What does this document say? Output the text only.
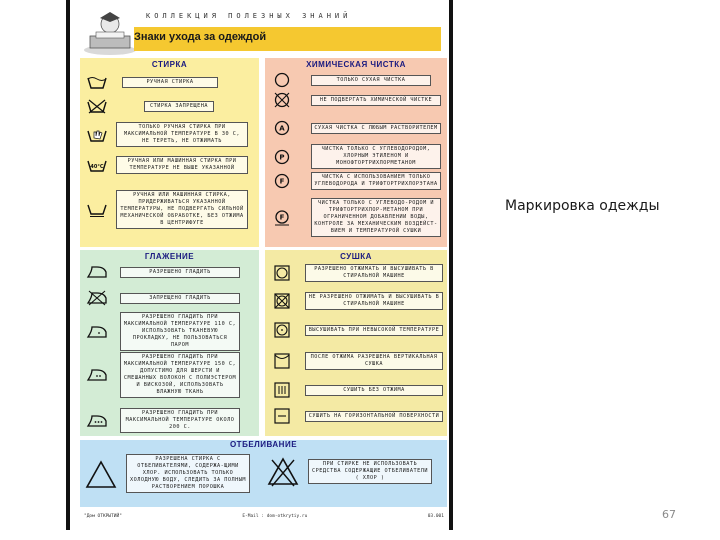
КОЛЛЕКЦИЯ ПОЛЕЗНЫХ ЗНАНИЙ
Знаки ухода за одеждой
СТИРКА
РУЧНАЯ СТИРКА
СТИРКА ЗАПРЕЩЕНА
ТОЛЬКО РУЧНАЯ СТИРКА ПРИ МАКСИМАЛЬНОЙ ТЕМПЕРАТУРЕ В 30 С, НЕ ТЕРЕТЬ, НЕ ОТЖИМАТЬ
40°C
РУЧНАЯ ИЛИ МАШИННАЯ СТИРКА ПРИ ТЕМПЕРАТУРЕ НЕ ВЫШЕ УКАЗАННОЙ
РУЧНАЯ ИЛИ МАШИННАЯ СТИРКА, ПРИДЕРЖИВАТЬСЯ УКАЗАННОЙ ТЕМПЕРАТУРЫ, НЕ ПОДВЕРГАТЬ СИЛЬНОЙ МЕХАНИЧЕСКОЙ ОБРАБОТКЕ, БЕЗ ОТЖИМА В ЦЕНТРИФУГЕ
ХИМИЧЕСКАЯ ЧИСТКА
ТОЛЬКО СУХАЯ ЧИСТКА
НЕ ПОДВЕРГАТЬ ХИМИЧЕСКОЙ ЧИСТКЕ
A	СУХАЯ ЧИСТКА С ЛЮБЫМ РАСТВОРИТЕЛЕМ
P
ЧИСТКА ТОЛЬКО С УГЛЕВОДОРОДОМ, ХЛОРНЫМ ЭТИЛЕНОМ И МОНОФТОРТРИХЛОРМЕТАНОМ
F
ЧИСТКА С ИСПОЛЬЗОВАНИЕМ ТОЛЬКО УГЛЕВОДОРОДА И ТРИФТОРТРИХЛОРЭТАНА
F
ЧИСТКА ТОЛЬКО С УГЛЕВОДО-РОДОМ И ТРИФТОРТРИХЛОР-МЕТАНОМ ПРИ ОГРАНИЧЕННОМ ДОБАВЛЕНИИ ВОДЫ, КОНТРОЛЕ ЗА МЕХАНИЧЕСКИМ ВОЗДЕЙСТ-ВИЕМ И ТЕМПЕРАТУРОЙ СУШКИ
ГЛАЖЕНИЕ
РАЗРЕШЕНО ГЛАДИТЬ
ЗАПРЕЩЕНО ГЛАДИТЬ
РАЗРЕШЕНО ГЛАДИТЬ ПРИ МАКСИМАЛЬНОЙ ТЕМПЕРАТУРЕ 110 С, ИСПОЛЬЗОВАТЬ ТКАНЕВУЮ ПРОКЛАДКУ, НЕ ПОЛЬЗОВАТЬСЯ ПАРОМ
РАЗРЕШЕНО ГЛАДИТЬ ПРИ МАКСИМАЛЬНОЙ ТЕМПЕРАТУРЕ 150 С, ДОПУСТИМО ДЛЯ ШЕРСТИ И СМЕШАННЫХ ВОЛОКОН С ПОЛИЭСТЕРОМ И ВИСКОЗОЙ, ИСПОЛЬЗОВАТЬ ВЛАЖНУЮ ТКАНЬ
РАЗРЕШЕНО ГЛАДИТЬ ПРИ МАКСИМАЛЬНОЙ ТЕМПЕРАТУРЕ ОКОЛО 200 С.
СУШКА
РАЗРЕШЕНО ОТЖИМАТЬ И ВЫСУШИВАТЬ В СТИРАЛЬНОЙ МАШИНЕ
НЕ РАЗРЕШЕНО ОТЖИМАТЬ И ВЫСУШИВАТЬ В СТИРАЛЬНОЙ МАШИНЕ
ВЫСУШИВАТЬ ПРИ НЕВЫСОКОЙ ТЕМПЕРАТУРЕ
ПОСЛЕ ОТЖИМА РАЗРЕШЕНА ВЕРТИКАЛЬНАЯ СУШКА
СУШИТЬ БЕЗ ОТЖИМА
СУШИТЬ НА ГОРИЗОНТАЛЬНОЙ ПОВЕРХНОСТИ
ОТБЕЛИВАНИЕ
РАЗРЕШЕНА СТИРКА С ОТБЕЛИВАТЕЛЯМИ, СОДЕРЖА-ЩИМИ ХЛОР. ИСПОЛЬЗОВАТЬ ТОЛЬКО ХОЛОДНУЮ ВОДУ, СЛЕДИТЬ ЗА ПОЛНЫМ РАСТВОРЕНИЕМ ПОРОШКА
ПРИ СТИРКЕ НЕ ИСПОЛЬЗОВАТЬ СРЕДСТВА СОДЕРЖАЩИЕ ОТБЕЛИВАТЕЛИ ( ХЛОР )
"Дом ОТКРЫТИЙ"	E-Mail : dom-otkrytiy.ru	03.001
Маркировка одежды
67
